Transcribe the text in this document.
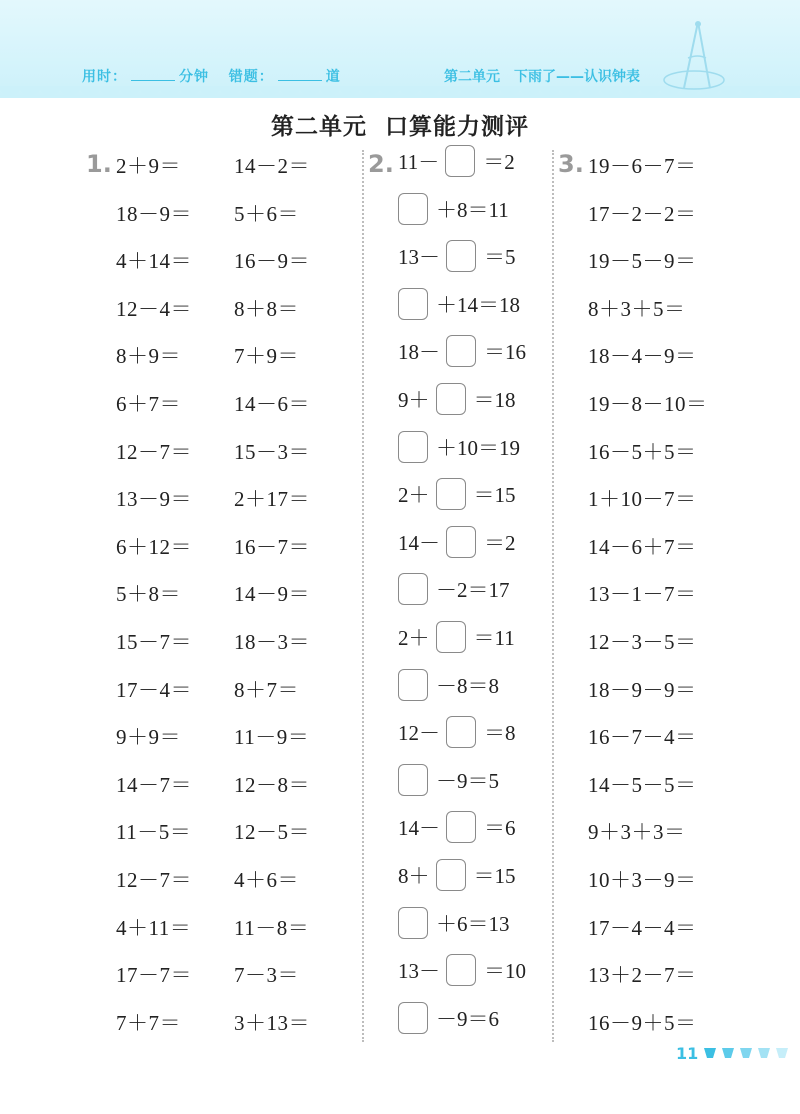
用时：	分钟 错题：	道	第二单元 下雨了——认识钟表
第二单元 口算能力测评
1.	2.	3.
2＋9＝
18－9＝
4＋14＝
12－4＝
8＋9＝
6＋7＝
12－7＝
13－9＝
6＋12＝
5＋8＝
15－7＝
17－4＝
9＋9＝
14－7＝
11－5＝
12－7＝
4＋11＝
17－7＝
7＋7＝
14－2＝
5＋6＝
16－9＝
8＋8＝
7＋9＝
14－6＝
15－3＝
2＋17＝
16－7＝
14－9＝
18－3＝
8＋7＝
11－9＝
12－8＝
12－5＝
4＋6＝
11－8＝
7－3＝
3＋13＝
11－ ＝2
＋8＝11
13－ ＝5
＋14＝18
18－ ＝16
9＋ ＝18
＋10＝19
2＋ ＝15
14－ ＝2
－2＝17
2＋ ＝11
－8＝8
12－ ＝8
－9＝5
14－ ＝6
8＋ ＝15
＋6＝13
13－ ＝10
－9＝6
19－6－7＝
17－2－2＝
19－5－9＝
8＋3＋5＝
18－4－9＝
19－8－10＝
16－5＋5＝
1＋10－7＝
14－6＋7＝
13－1－7＝
12－3－5＝
18－9－9＝
16－7－4＝
14－5－5＝
9＋3＋3＝
10＋3－9＝
17－4－4＝
13＋2－7＝
16－9＋5＝
11
